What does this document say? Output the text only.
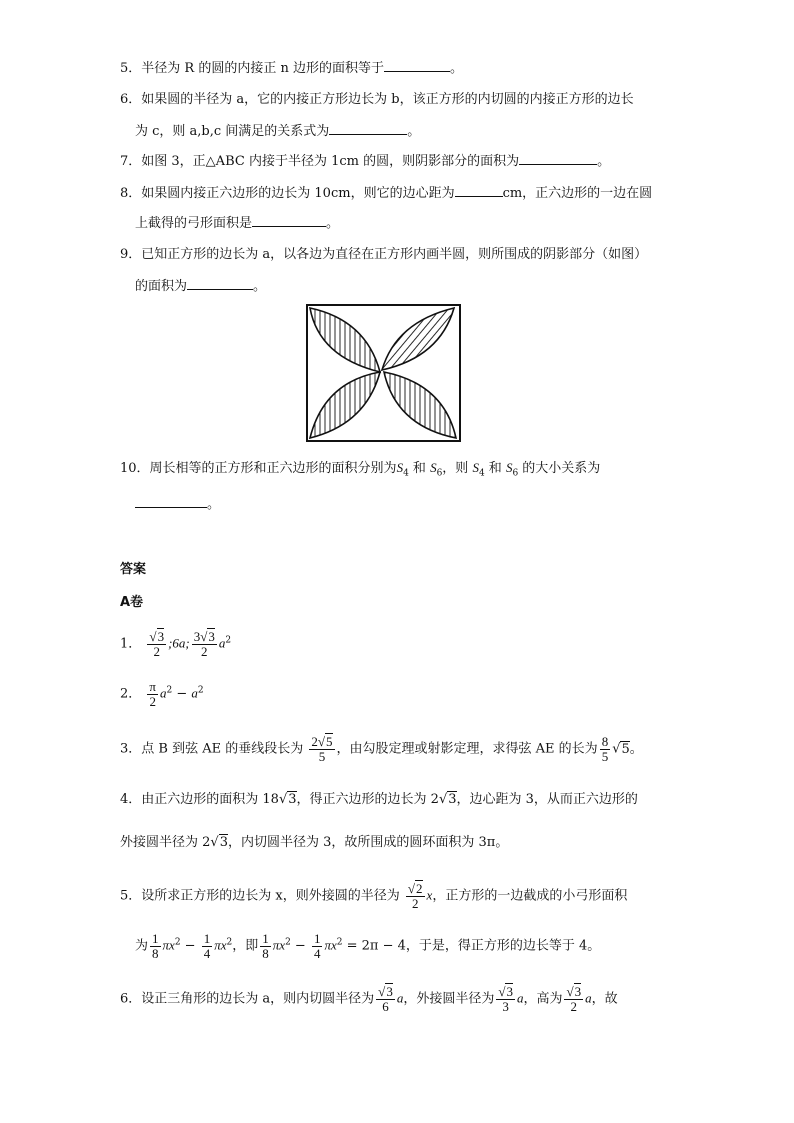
5．半径为 R 的圆的内接正 n 边形的面积等于	。
6．如果圆的半径为 a，它的内接正方形边长为 b，该正方形的内切圆的内接正方形的边长
为 c，则 a,b,c 间满足的关系式为	。
7．如图 3，正△ABC 内接于半径为 1cm 的圆，则阴影部分的面积为	。
8．如果圆内接正六边形的边长为 10cm，则它的边心距为	cm，正六边形的一边在圆
上截得的弓形面积是	。
9．已知正方形的边长为 a，以各边为直径在正方形内画半圆，则所围成的阴影部分（如图）
的面积为	。
10．周长相等的正方形和正六边形的面积分别为$S_4$ 和 $S_6$，则 $S_4$ 和 $S_6$ 的大小关系为
。
答案
A卷
1． $\frac{√3}{2}$ ;6a; $\frac{3√3}{2} a^2$
2． $\frac{\pi}{2} a^2 - a^2$
3．点 B 到弦 AE 的垂线段长为 $\frac{2√5}{5}$ ，由勾股定理或射影定理，求得弦 AE 的长为 $\frac{8}{5} √5$。
4．由正六边形的面积为 18√3，得正六边形的边长为 2√3，边心距为 3，从而正六边形的
外接圆半径为 2√3，内切圆半径为 3，故所围成的圆环面积为 3π。
5．设所求正方形的边长为 x，则外接圆的半径为 $\frac{√2}{2}$ x，正方形的一边截成的小弓形面积
为 $\frac{1}{8} \pi x^2 - \frac{1}{4} \pi x^2$，即 $\frac{1}{8} \pi x^2 - \frac{1}{4} \pi x^2 = 2\pi - 4$，于是，得正方形的边长等于 4。
6．设正三角形的边长为 a，则内切圆半径为 $\frac{√3}{6}$ a，外接圆半径为 $\frac{√3}{3}$ a，高为 $\frac{√3}{2}$ a，故
